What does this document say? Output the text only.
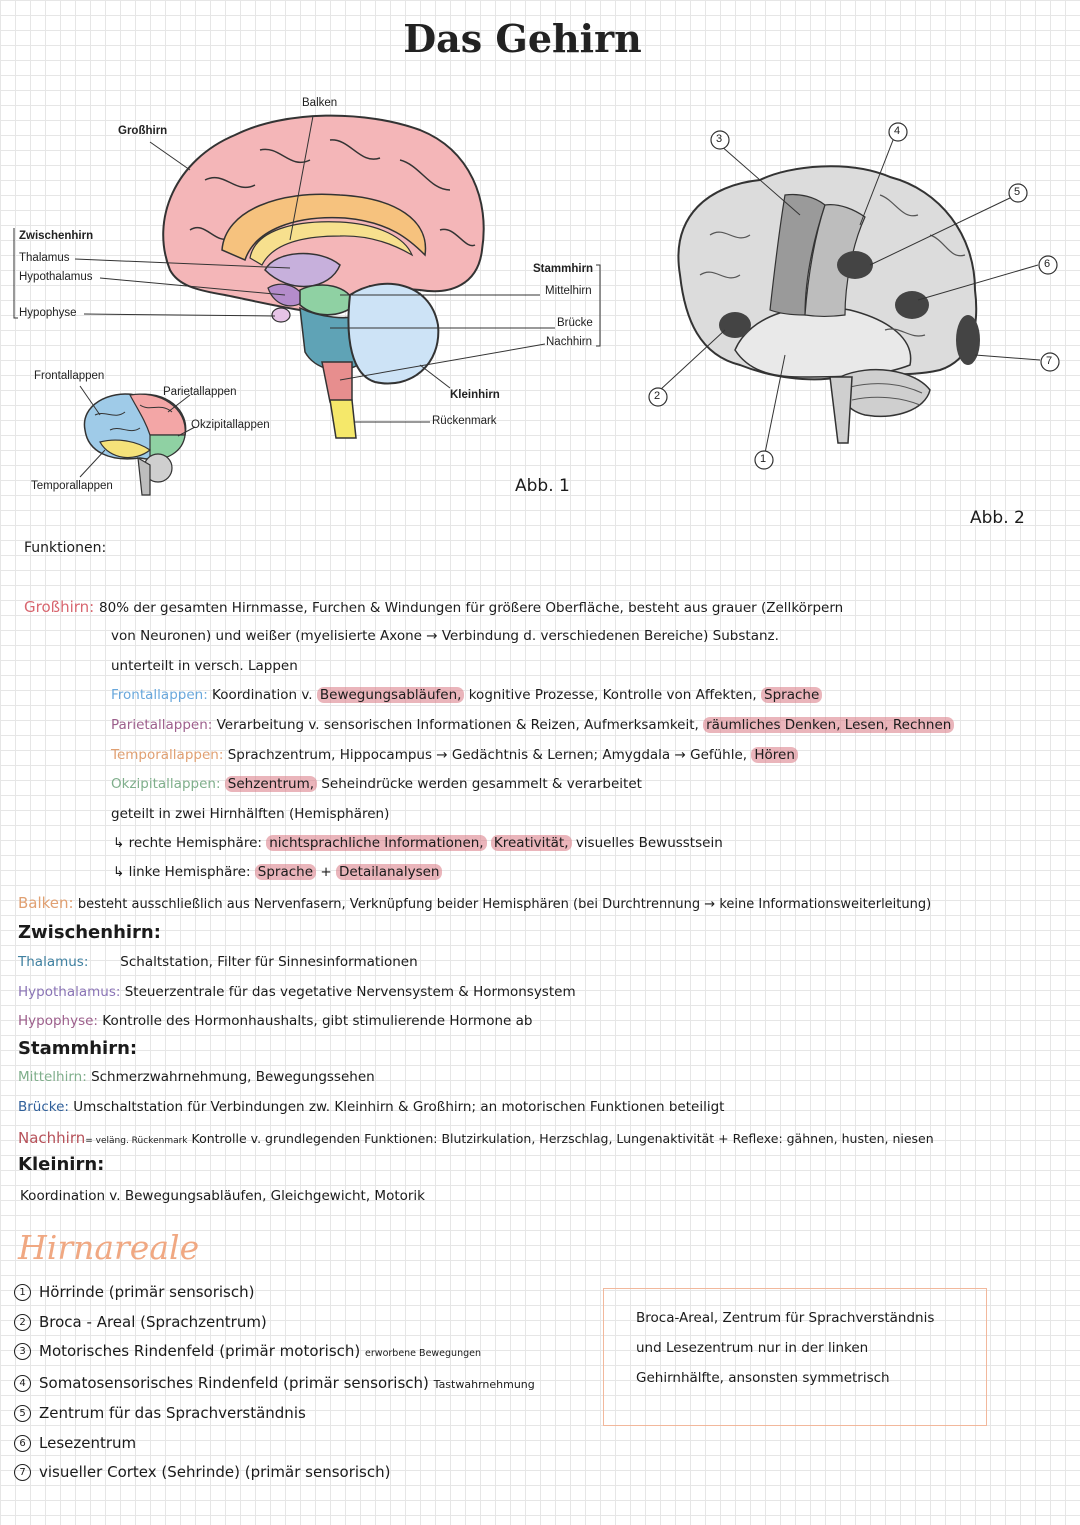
Das Gehirn
Balken
Großhirn
Zwischenhirn
Thalamus
Hypothalamus
Hypophyse
Stammhirn
Mittelhirn
Brücke
Nachhirn
Kleinhirn
Rückenmark
Frontallappen
Parietallappen
Okzipitallappen
Temporallappen	Abb. 1
3
4
5
6
7
2
1
Abb. 2
Funktionen:
Großhirn: 80% der gesamten Hirnmasse, Furchen & Windungen für größere Oberfläche, besteht aus grauer (Zellkörpern
von Neuronen) und weißer (myelisierte Axone → Verbindung d. verschiedenen Bereiche) Substanz.
unterteilt in versch. Lappen
Frontallappen: Koordination v. Bewegungsabläufen, kognitive Prozesse, Kontrolle von Affekten, Sprache
Parietallappen: Verarbeitung v. sensorischen Informationen & Reizen, Aufmerksamkeit, räumliches Denken, Lesen, Rechnen
Temporallappen: Sprachzentrum, Hippocampus → Gedächtnis & Lernen; Amygdala → Gefühle, Hören
Okzipitallappen: Sehzentrum, Seheindrücke werden gesammelt & verarbeitet
geteilt in zwei Hirnhälften (Hemisphären)
↳ rechte Hemisphäre: nichtsprachliche Informationen, Kreativität, visuelles Bewusstsein
↳ linke Hemisphäre: Sprache + Detailanalysen
Balken: besteht ausschließlich aus Nervenfasern, Verknüpfung beider Hemisphären (bei Durchtrennung → keine Informationsweiterleitung)
Zwischenhirn:
Thalamus: Schaltstation, Filter für Sinnesinformationen
Hypothalamus: Steuerzentrale für das vegetative Nervensystem & Hormonsystem
Hypophyse: Kontrolle des Hormonhaushalts, gibt stimulierende Hormone ab
Stammhirn:
Mittelhirn: Schmerzwahrnehmung, Bewegungssehen
Brücke: Umschaltstation für Verbindungen zw. Kleinhirn & Großhirn; an motorischen Funktionen beteiligt
Nachhirn= veläng. Rückenmark Kontrolle v. grundlegenden Funktionen: Blutzirkulation, Herzschlag, Lungenaktivität + Reflexe: gähnen, husten, niesen
Kleinirn:
Koordination v. Bewegungsabläufen, Gleichgewicht, Motorik
Hirnareale
1 Hörrinde (primär sensorisch)
2 Broca - Areal (Sprachzentrum)
3 Motorisches Rindenfeld (primär motorisch) erworbene Bewegungen
4 Somatosensorisches Rindenfeld (primär sensorisch) Tastwahrnehmung
5 Zentrum für das Sprachverständnis
6 Lesezentrum
7 visueller Cortex (Sehrinde) (primär sensorisch)
Broca-Areal, Zentrum für Sprachverständnis
und Lesezentrum nur in der linken
Gehirnhälfte, ansonsten symmetrisch
